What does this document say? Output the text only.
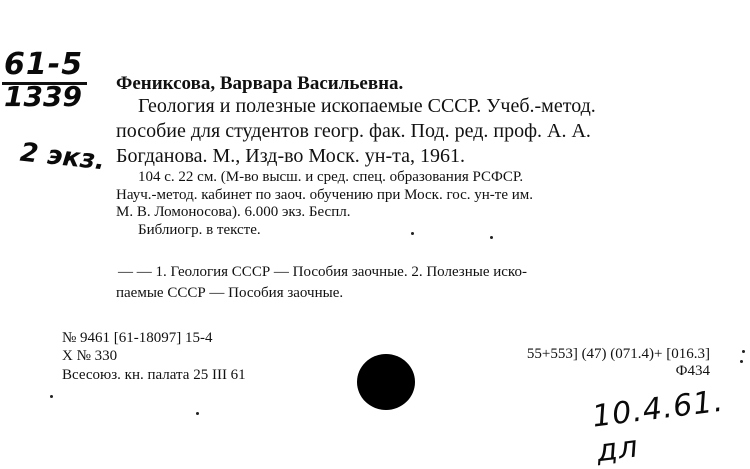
61-5
1339
2 экз.
Фениксова, Варвара Васильевна.
Геология и полезные ископаемые СССР. Учеб.-метод.
пособие для студентов геогр. фак. Под. ред. проф. А. А.
Богданова. М., Изд-во Моск. ун-та, 1961.
104 с. 22 см. (М-во высш. и сред. спец. образования РСФСР.
Науч.-метод. кабинет по заоч. обучению при Моск. гос. ун-те им.
М. В. Ломоносова). 6.000 экз. Беспл.
Библиогр. в тексте.
— — 1. Геология СССР — Пособия заочные. 2. Полезные иско-
паемые СССР — Пособия заочные.
№ 9461 [61-18097] 15-4
Х № 330
Всесоюз. кн. палата 25 III 61
55+553] (47) (071.4)+ [016.3]
Ф434
10.4.61. дл
